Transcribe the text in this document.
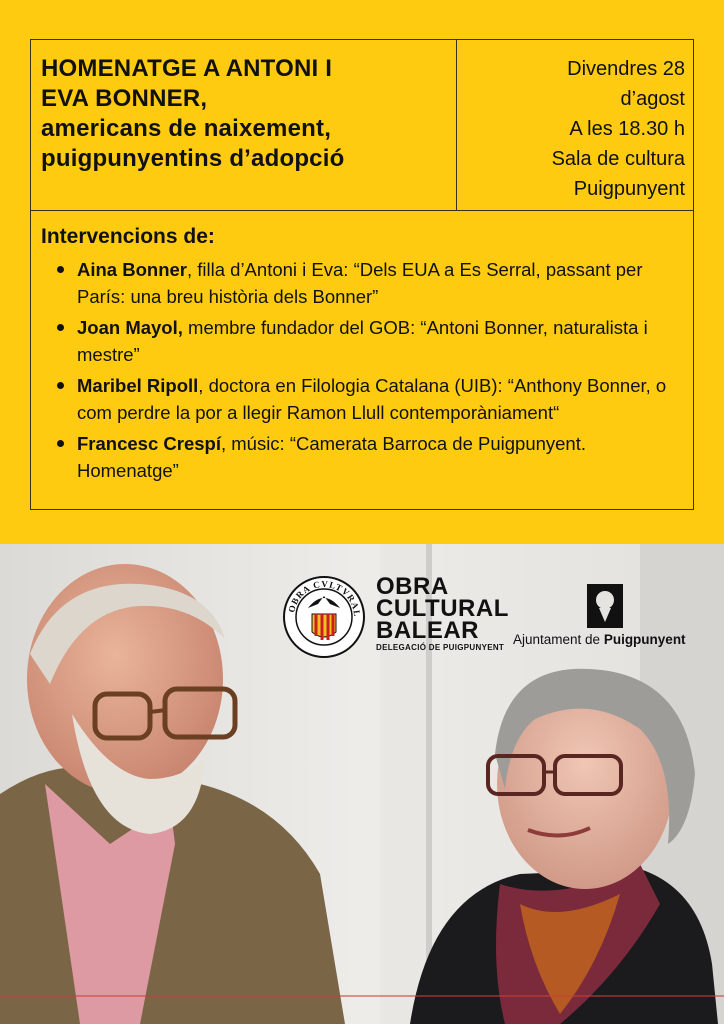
HOMENATGE A ANTONI I
EVA BONNER,
americans de naixement,
puigpunyentins d’adopció
Divendres 28
d’agost
A les 18.30 h
Sala de cultura
Puigpunyent
Intervencions de:
Aina Bonner, filla d’Antoni i Eva: “Dels EUA a Es Serral, passant per París: una breu història dels Bonner”
Joan Mayol, membre fundador del GOB: “Antoni Bonner, naturalista i mestre”
Maribel Ripoll, doctora en Filologia Catalana (UIB): “Anthony Bonner, o com perdre la por a llegir Ramon Llull contemporàniament“
Francesc Crespí, músic: “Camerata Barroca de Puigpunyent. Homenatge”
OBRA CVLTVRAL
OBRA
CULTURAL
BALEAR
DELEGACIÓ DE PUIGPUNYENT
Ajuntament de Puigpunyent
